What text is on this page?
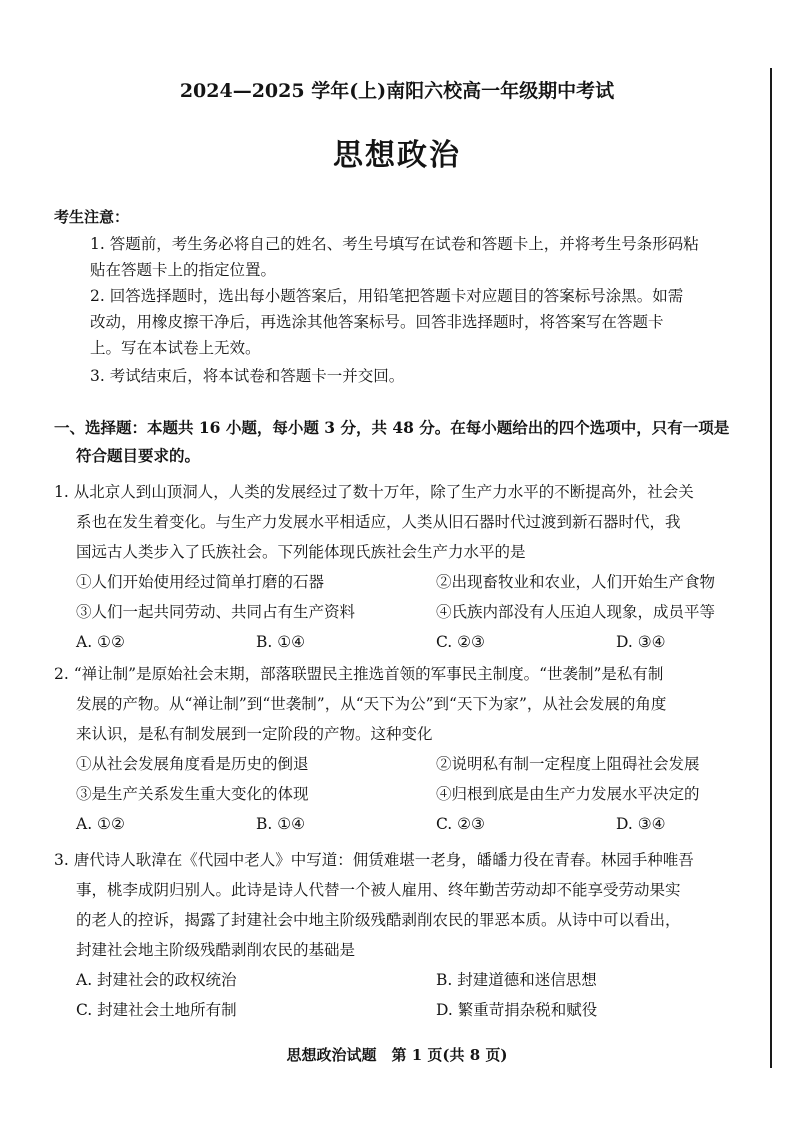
2024—2025 学年(上)南阳六校高一年级期中考试
思想政治
考生注意：
1. 答题前，考生务必将自己的姓名、考生号填写在试卷和答题卡上，并将考生号条形码粘
贴在答题卡上的指定位置。
2. 回答选择题时，选出每小题答案后，用铅笔把答题卡对应题目的答案标号涂黑。如需
改动，用橡皮擦干净后，再选涂其他答案标号。回答非选择题时，将答案写在答题卡
上。写在本试卷上无效。
3. 考试结束后，将本试卷和答题卡一并交回。
一、选择题：本题共 16 小题，每小题 3 分，共 48 分。在每小题给出的四个选项中，只有一项是
符合题目要求的。
1. 从北京人到山顶洞人，人类的发展经过了数十万年，除了生产力水平的不断提高外，社会关
系也在发生着变化。与生产力发展水平相适应，人类从旧石器时代过渡到新石器时代，我
国远古人类步入了氏族社会。下列能体现氏族社会生产力水平的是
①人们开始使用经过简单打磨的石器	②出现畜牧业和农业，人们开始生产食物
③人们一起共同劳动、共同占有生产资料	④氏族内部没有人压迫人现象，成员平等
A. ①②	B. ①④	C. ②③	D. ③④
2. “禅让制”是原始社会末期，部落联盟民主推选首领的军事民主制度。“世袭制”是私有制
发展的产物。从“禅让制”到“世袭制”，从“天下为公”到“天下为家”，从社会发展的角度
来认识，是私有制发展到一定阶段的产物。这种变化
①从社会发展角度看是历史的倒退	②说明私有制一定程度上阻碍社会发展
③是生产关系发生重大变化的体现	④归根到底是由生产力发展水平决定的
A. ①②	B. ①④	C. ②③	D. ③④
3. 唐代诗人耿湋在《代园中老人》中写道：佣赁难堪一老身，皤皤力役在青春。林园手种唯吾
事，桃李成阴归别人。此诗是诗人代替一个被人雇用、终年勤苦劳动却不能享受劳动果实
的老人的控诉，揭露了封建社会中地主阶级残酷剥削农民的罪恶本质。从诗中可以看出，
封建社会地主阶级残酷剥削农民的基础是
A. 封建社会的政权统治	B. 封建道德和迷信思想
C. 封建社会土地所有制	D. 繁重苛捐杂税和赋役
思想政治试题　第 1 页(共 8 页)
